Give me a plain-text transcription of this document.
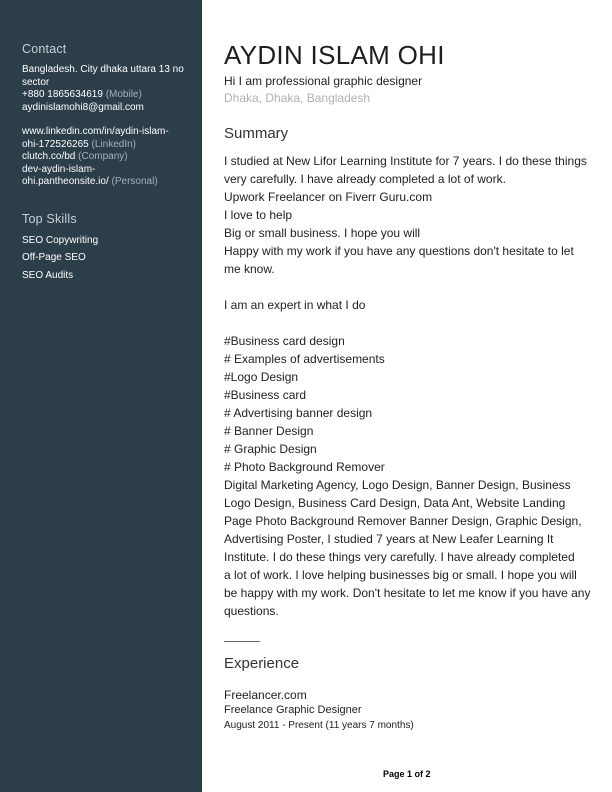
Contact
Bangladesh. City dhaka uttara 13 no
sector
+880 1865634619 (Mobile)
aydinislamohi8@gmail.com
www.linkedin.com/in/aydin-islam-
ohi-172526265 (LinkedIn)
clutch.co/bd (Company)
dev-aydin-islam-
ohi.pantheonsite.io/ (Personal)
Top Skills
SEO Copywriting
Off-Page SEO
SEO Audits
AYDIN ISLAM OHI
Hi I am professional graphic designer
Dhaka, Dhaka, Bangladesh
Summary
I studied at New Lifor Learning Institute for 7 years. I do these things
very carefully. I have already completed a lot of work.
Upwork Freelancer on Fiverr Guru.com
I love to help
Big or small business. I hope you will
Happy with my work if you have any questions don't hesitate to let
me know.

I am an expert in what I do

#Business card design
# Examples of advertisements
#Logo Design
#Business card
# Advertising banner design
# Banner Design
# Graphic Design
# Photo Background Remover
Digital Marketing Agency, Logo Design, Banner Design, Business
Logo Design, Business Card Design, Data Ant, Website Landing
Page Photo Background Remover Banner Design, Graphic Design,
Advertising Poster, I studied 7 years at New Leafer Learning It
Institute. I do these things very carefully. I have already completed
a lot of work. I love helping businesses big or small. I hope you will
be happy with my work. Don't hesitate to let me know if you have any
questions.
Experience
Freelancer.com
Freelance Graphic Designer
August 2011 - Present (11 years 7 months)
Page 1 of 2
